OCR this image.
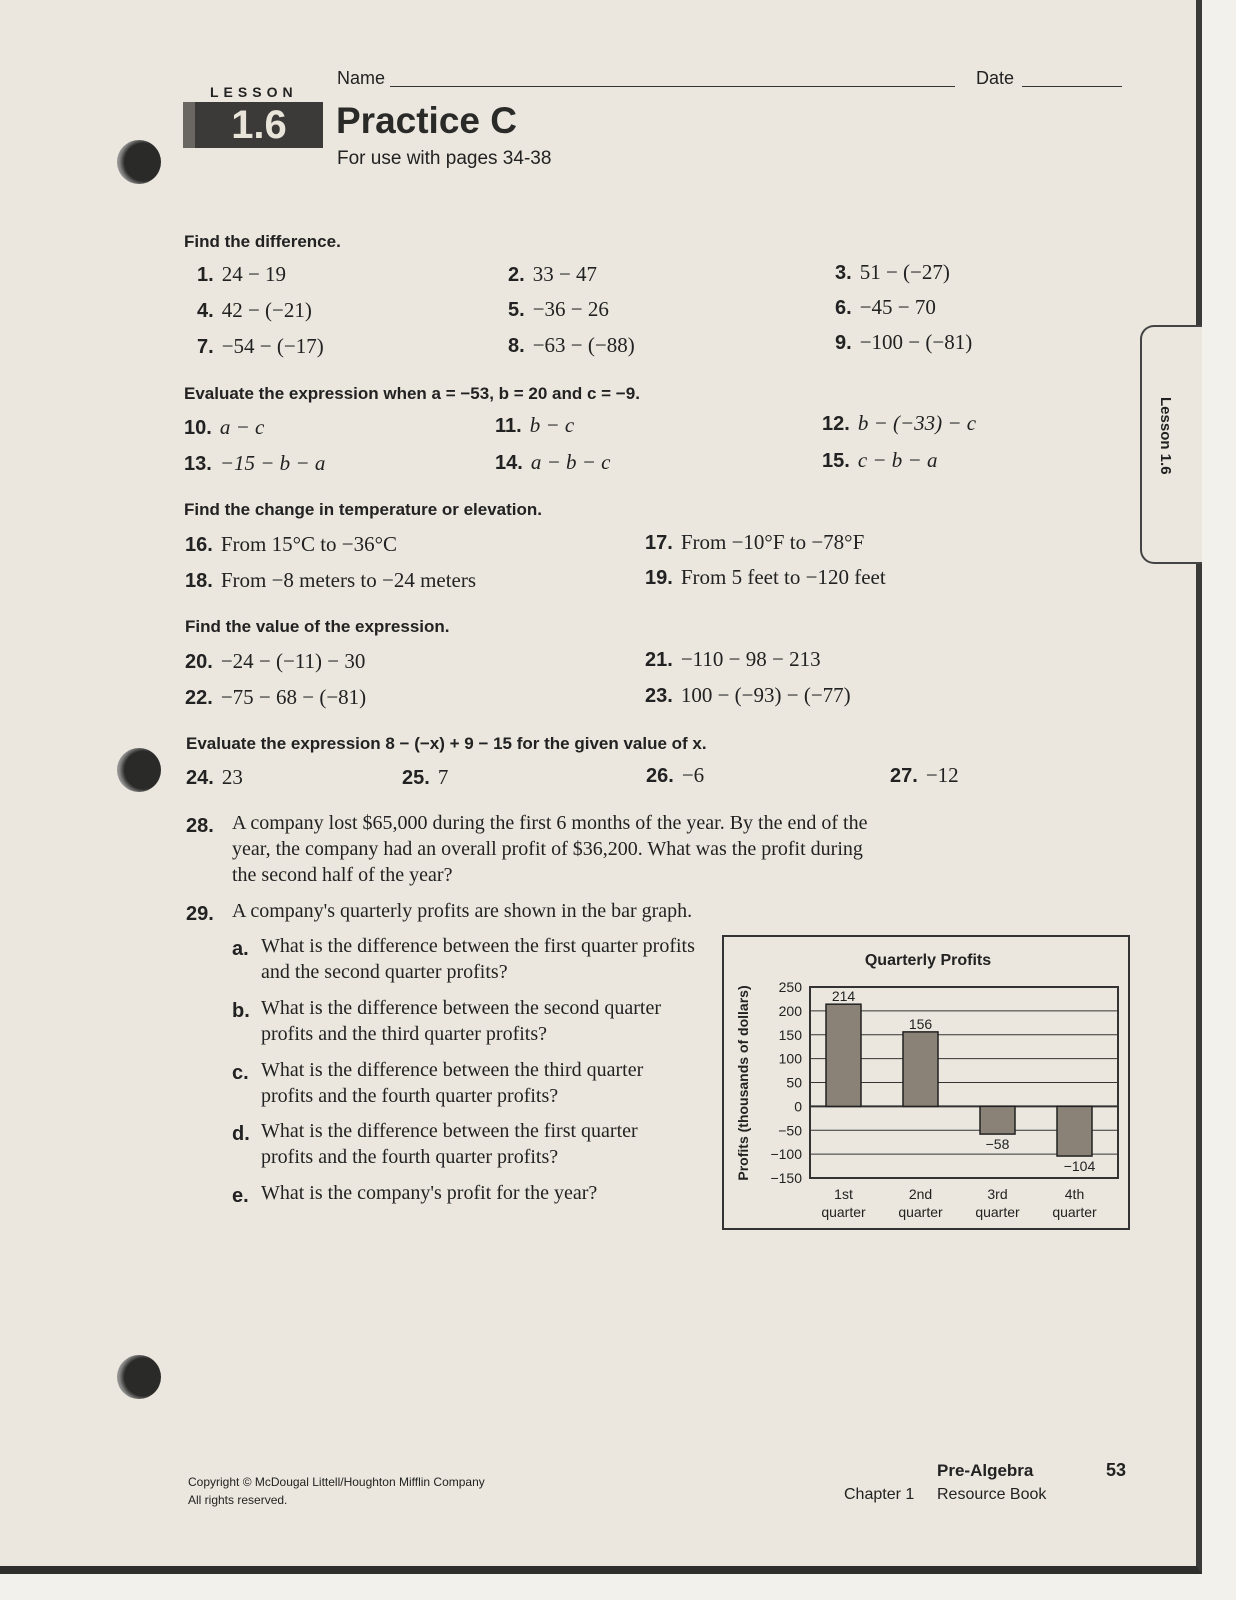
LESSON
1.6
Name	Date
Practice C
For use with pages 34-38
Lesson 1.6
Find the difference.
1. 24 − 19	2. 33 − 47	3. 51 − (−27)
4. 42 − (−21)	5. −36 − 26	6. −45 − 70
7. −54 − (−17)	8. −63 − (−88)	9. −100 − (−81)
Evaluate the expression when a = −53, b = 20 and c = −9.
10. a − c	11. b − c	12. b − (−33) − c
13. −15 − b − a	14. a − b − c	15. c − b − a
Find the change in temperature or elevation.
16. From 15°C to −36°C	17. From −10°F to −78°F
18. From −8 meters to −24 meters	19. From 5 feet to −120 feet
Find the value of the expression.
20. −24 − (−11) − 30	21. −110 − 98 − 213
22. −75 − 68 − (−81)	23. 100 − (−93) − (−77)
Evaluate the expression 8 − (−x) + 9 − 15 for the given value of x.
24. 23	25. 7	26. −6	27. −12
28. A company lost $65,000 during the first 6 months of the year. By the end of the year, the company had an overall profit of $36,200. What was the profit during the second half of the year?
29. A company's quarterly profits are shown in the bar graph.
a. What is the difference between the first quarter profits and the second quarter profits?
b. What is the difference between the second quarter profits and the third quarter profits?
c. What is the difference between the third quarter profits and the fourth quarter profits?
d. What is the difference between the first quarter profits and the fourth quarter profits?
e. What is the company's profit for the year?
Quarterly Profits
Profits (thousands of dollars) 250
200
150
100
50
0
−50
−100
−150
214
1st
quarter
156
2nd
quarter
−58
3rd
quarter
−104
4th
quarter
Copyright © McDougal Littell/Houghton Mifflin Company
All rights reserved.
Pre-Algebra
Chapter 1 Resource Book
53
